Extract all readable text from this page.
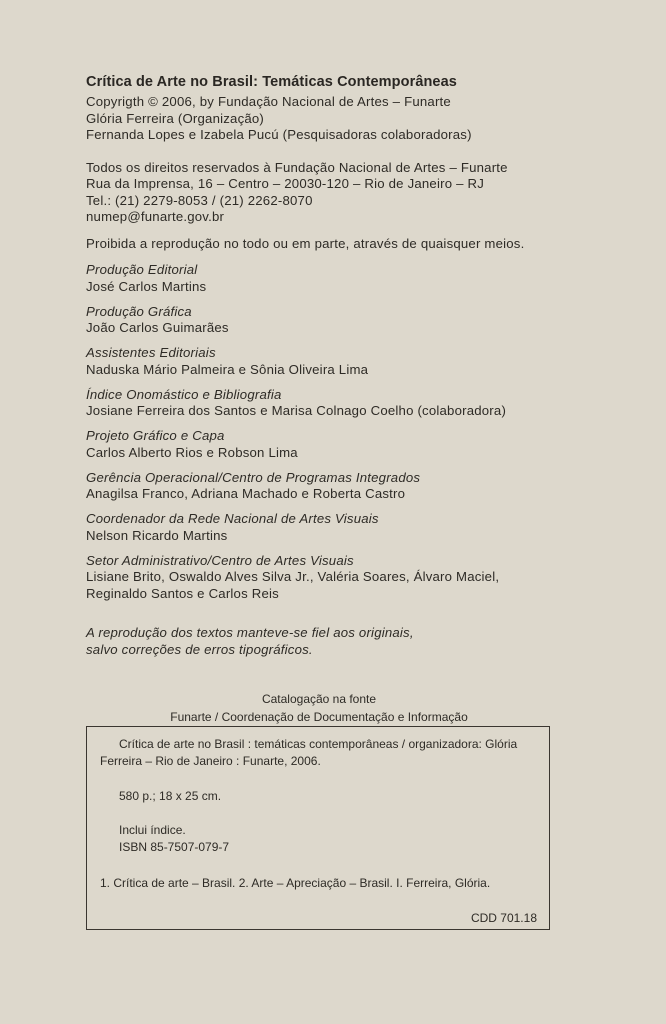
Crítica de Arte no Brasil: Temáticas Contemporâneas
Copyrigth © 2006, by Fundação Nacional de Artes – Funarte
Glória Ferreira (Organização)
Fernanda Lopes e Izabela Pucú (Pesquisadoras colaboradoras)
Todos os direitos reservados à Fundação Nacional de Artes – Funarte
Rua da Imprensa, 16 – Centro – 20030-120 – Rio de Janeiro – RJ
Tel.: (21) 2279-8053 / (21) 2262-8070
numep@funarte.gov.br
Proibida a reprodução no todo ou em parte, através de quaisquer meios.
Produção Editorial
José Carlos Martins
Produção Gráfica
João Carlos Guimarães
Assistentes Editoriais
Naduska Mário Palmeira e Sônia Oliveira Lima
Índice Onomástico e Bibliografia
Josiane Ferreira dos Santos e Marisa Colnago Coelho (colaboradora)
Projeto Gráfico e Capa
Carlos Alberto Rios e Robson Lima
Gerência Operacional/Centro de Programas Integrados
Anagilsa Franco, Adriana Machado e Roberta Castro
Coordenador da Rede Nacional de Artes Visuais
Nelson Ricardo Martins
Setor Administrativo/Centro de Artes Visuais
Lisiane Brito, Oswaldo Alves Silva Jr., Valéria Soares, Álvaro Maciel,
Reginaldo Santos e Carlos Reis
A reprodução dos textos manteve-se fiel aos originais,
salvo correções de erros tipográficos.
Catalogação na fonte
Funarte / Coordenação de Documentação e Informação
Crítica de arte no Brasil : temáticas contemporâneas / organizadora: Glória
Ferreira – Rio de Janeiro : Funarte, 2006.
580 p.; 18 x 25 cm.
Inclui índice.
ISBN 85-7507-079-7
1. Crítica de arte – Brasil. 2. Arte – Apreciação – Brasil. I. Ferreira, Glória.
CDD 701.18
